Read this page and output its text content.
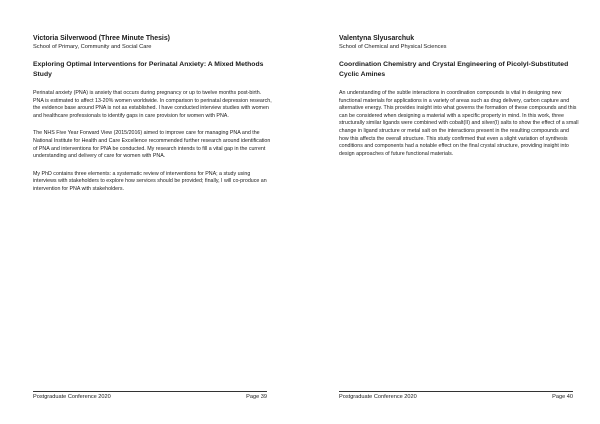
Victoria Silverwood (Three Minute Thesis)

School of Primary, Community and Social Care

Exploring Optimal Interventions for Perinatal Anxiety: A Mixed Methods Study

Perinatal anxiety (PNA) is anxiety that occurs during pregnancy or up to twelve months post-birth. PNA is estimated to affect 13-20% women worldwide. In comparison to perinatal depression research, the evidence base around PNA is not as established. I have conducted interview studies with women and healthcare professionals to identify gaps in care provision for women with PNA.

The NHS Five Year Forward View (2015/2016) aimed to improve care for managing PNA and the National Institute for Health and Care Excellence recommended further research around identification of PNA and interventions for PNA be conducted. My research intends to fill a vital gap in the current understanding and delivery of care for women with PNA.

My PhD contains three elements: a systematic review of interventions for PNA; a study using interviews with stakeholders to explore how services should be provided; finally, I will co-produce an intervention for PNA with stakeholders.

Postgraduate Conference 2020	Page 39

Valentyna Slyusarchuk

School of Chemical and Physical Sciences

Coordination Chemistry and Crystal Engineering of Picolyl-Substituted Cyclic Amines

An understanding of the subtle interactions in coordination compounds is vital in designing new functional materials for applications in a variety of areas such as drug delivery, carbon capture and alternative energy. This provides insight into what governs the formation of these compounds and this can be considered when designing a material with a specific property in mind. In this work, three structurally similar ligands were combined with cobalt(II) and silver(I) salts to show the effect of a small change in ligand structure or metal salt on the interactions present in the resulting compounds and how this affects the overall structure. This study confirmed that even a slight variation of synthesis conditions and components had a notable effect on the final crystal structure, providing insight into design approaches of future functional materials.

Postgraduate Conference 2020	Page 40
